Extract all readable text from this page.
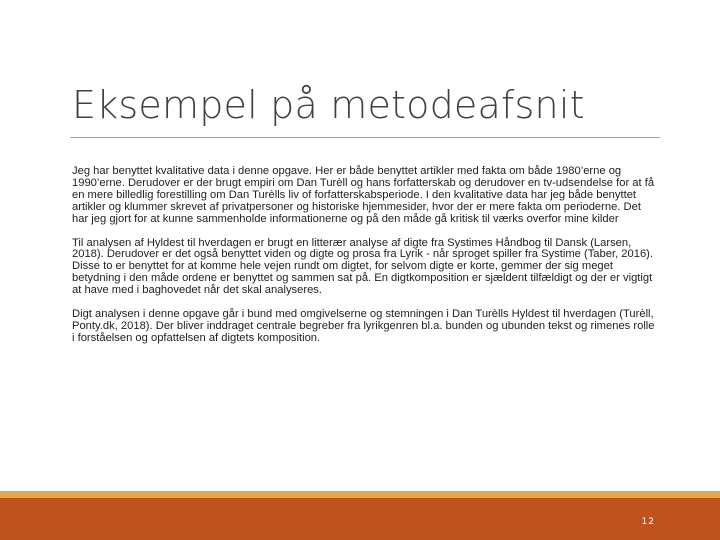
Eksempel på metodeafsnit

Jeg har benyttet kvalitative data i denne opgave. Her er både benyttet artikler med fakta om både 1980’erne og 1990’erne. Derudover er der brugt empiri om Dan Turèll og hans forfatterskab og derudover en tv-udsendelse for at få en mere billedlig forestilling om Dan Turèlls liv of forfatterskabsperiode. I den kvalitative data har jeg både benyttet artikler og klummer skrevet af privatpersoner og historiske hjemmesider, hvor der er mere fakta om perioderne. Det har jeg gjort for at kunne sammenholde informationerne og på den måde gå kritisk til værks overfor mine kilder

Til analysen af Hyldest til hverdagen er brugt en litterær analyse af digte fra Systimes Håndbog til Dansk (Larsen, 2018). Derudover er det også benyttet viden og digte og prosa fra Lyrik - når sproget spiller fra Systime (Taber, 2016). Disse to er benyttet for at komme hele vejen rundt om digtet, for selvom digte er korte, gemmer der sig meget betydning i den måde ordene er benyttet og sammen sat på. En digtkomposition er sjældent tilfældigt og der er vigtigt at have med i baghovedet når det skal analyseres.

Digt analysen i denne opgave går i bund med omgivelserne og stemningen i Dan Turèlls Hyldest til hverdagen (Turèll, Ponty.dk, 2018). Der bliver inddraget centrale begreber fra lyrikgenren bl.a. bunden og ubunden tekst og rimenes rolle i forståelsen og opfattelsen af digtets komposition.

12
